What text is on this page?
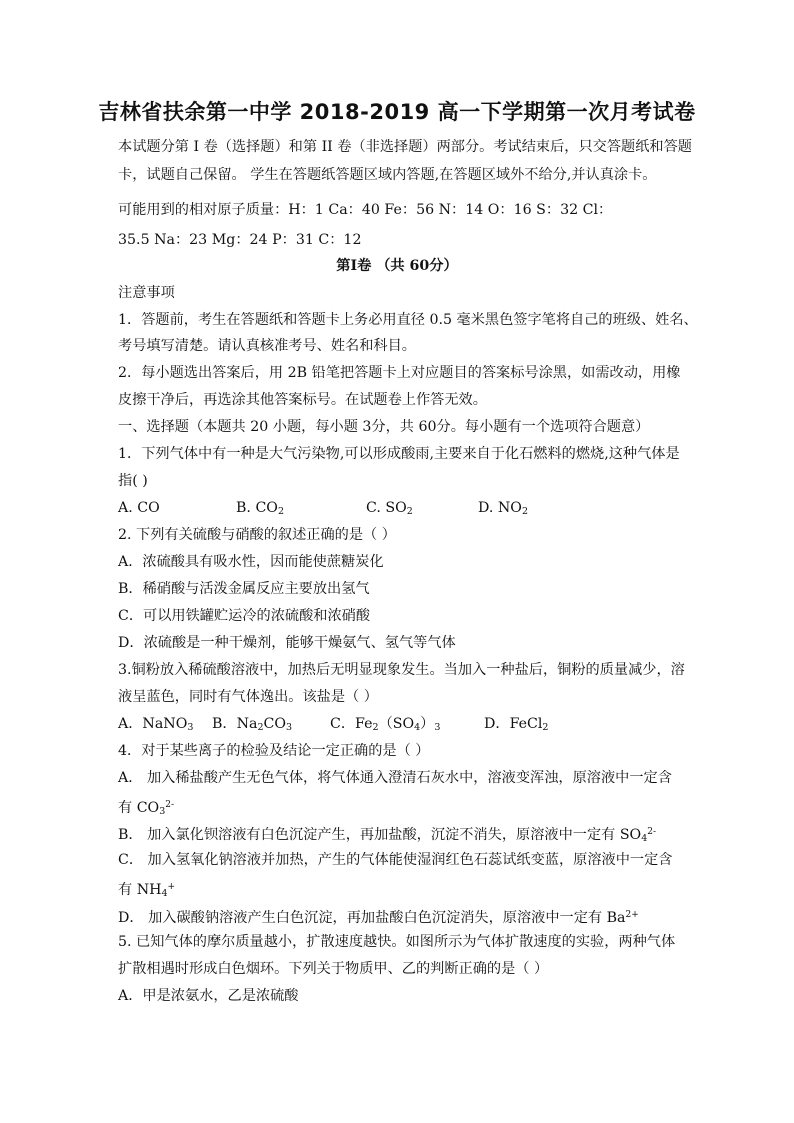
吉林省扶余第一中学 2018-2019 高一下学期第一次月考试卷
本试题分第 I 卷（选择题）和第 II 卷（非选择题）两部分。考试结束后，只交答题纸和答题
卡，试题自己保留。 学生在答题纸答题区域内答题,在答题区域外不给分,并认真涂卡。
可能用到的相对原子质量：H：1 Ca：40 Fe：56 N：14 O：16 S：32 Cl：
35.5 Na：23 Mg：24 P：31 C：12
第Ⅰ卷 （共 60分）
注意事项
1．答题前，考生在答题纸和答题卡上务必用直径 0.5 毫米黑色签字笔将自己的班级、姓名、
考号填写清楚。请认真核准考号、姓名和科目。
2．每小题选出答案后，用 2B 铅笔把答题卡上对应题目的答案标号涂黑，如需改动，用橡
皮擦干净后，再选涂其他答案标号。在试题卷上作答无效。
一、选择题（本题共 20 小题，每小题 3分，共 60分。每小题有一个选项符合题意）
1．下列气体中有一种是大气污染物,可以形成酸雨,主要来自于化石燃料的燃烧,这种气体是
指( )
A. CO	B. $CO_2$	C. $SO_2$	D. $NO_2$
2. 下列有关硫酸与硝酸的叙述正确的是（ ）
A．浓硫酸具有吸水性，因而能使蔗糖炭化
B．稀硝酸与活泼金属反应主要放出氢气
C．可以用铁罐贮运冷的浓硫酸和浓硝酸
D．浓硫酸是一种干燥剂，能够干燥氨气、氢气等气体
3.铜粉放入稀硫酸溶液中，加热后无明显现象发生。当加入一种盐后，铜粉的质量减少，溶
液呈蓝色，同时有气体逸出。该盐是（ ）
A．NaNO$_3$ B．$Na_2CO_3$	C．$Fe_2(SO_4)_3$	D．FeCl$_2$
4．对于某些离子的检验及结论一定正确的是（ ）
A． 加入稀盐酸产生无色气体，将气体通入澄清石灰水中，溶液变浑浊，原溶液中一定含
有 $CO_3^{2-}$
B． 加入氯化钡溶液有白色沉淀产生，再加盐酸，沉淀不消失，原溶液中一定有 $SO_4^{2-}$
C． 加入氢氧化钠溶液并加热，产生的气体能使湿润红色石蕊试纸变蓝，原溶液中一定含
有 $NH_4^+$
D． 加入碳酸钠溶液产生白色沉淀，再加盐酸白色沉淀消失，原溶液中一定有 $Ba^{2+}$
5. 已知气体的摩尔质量越小，扩散速度越快。如图所示为气体扩散速度的实验，两种气体
扩散相遇时形成白色烟环。下列关于物质甲、乙的判断正确的是（ ）
A．甲是浓氨水，乙是浓硫酸
